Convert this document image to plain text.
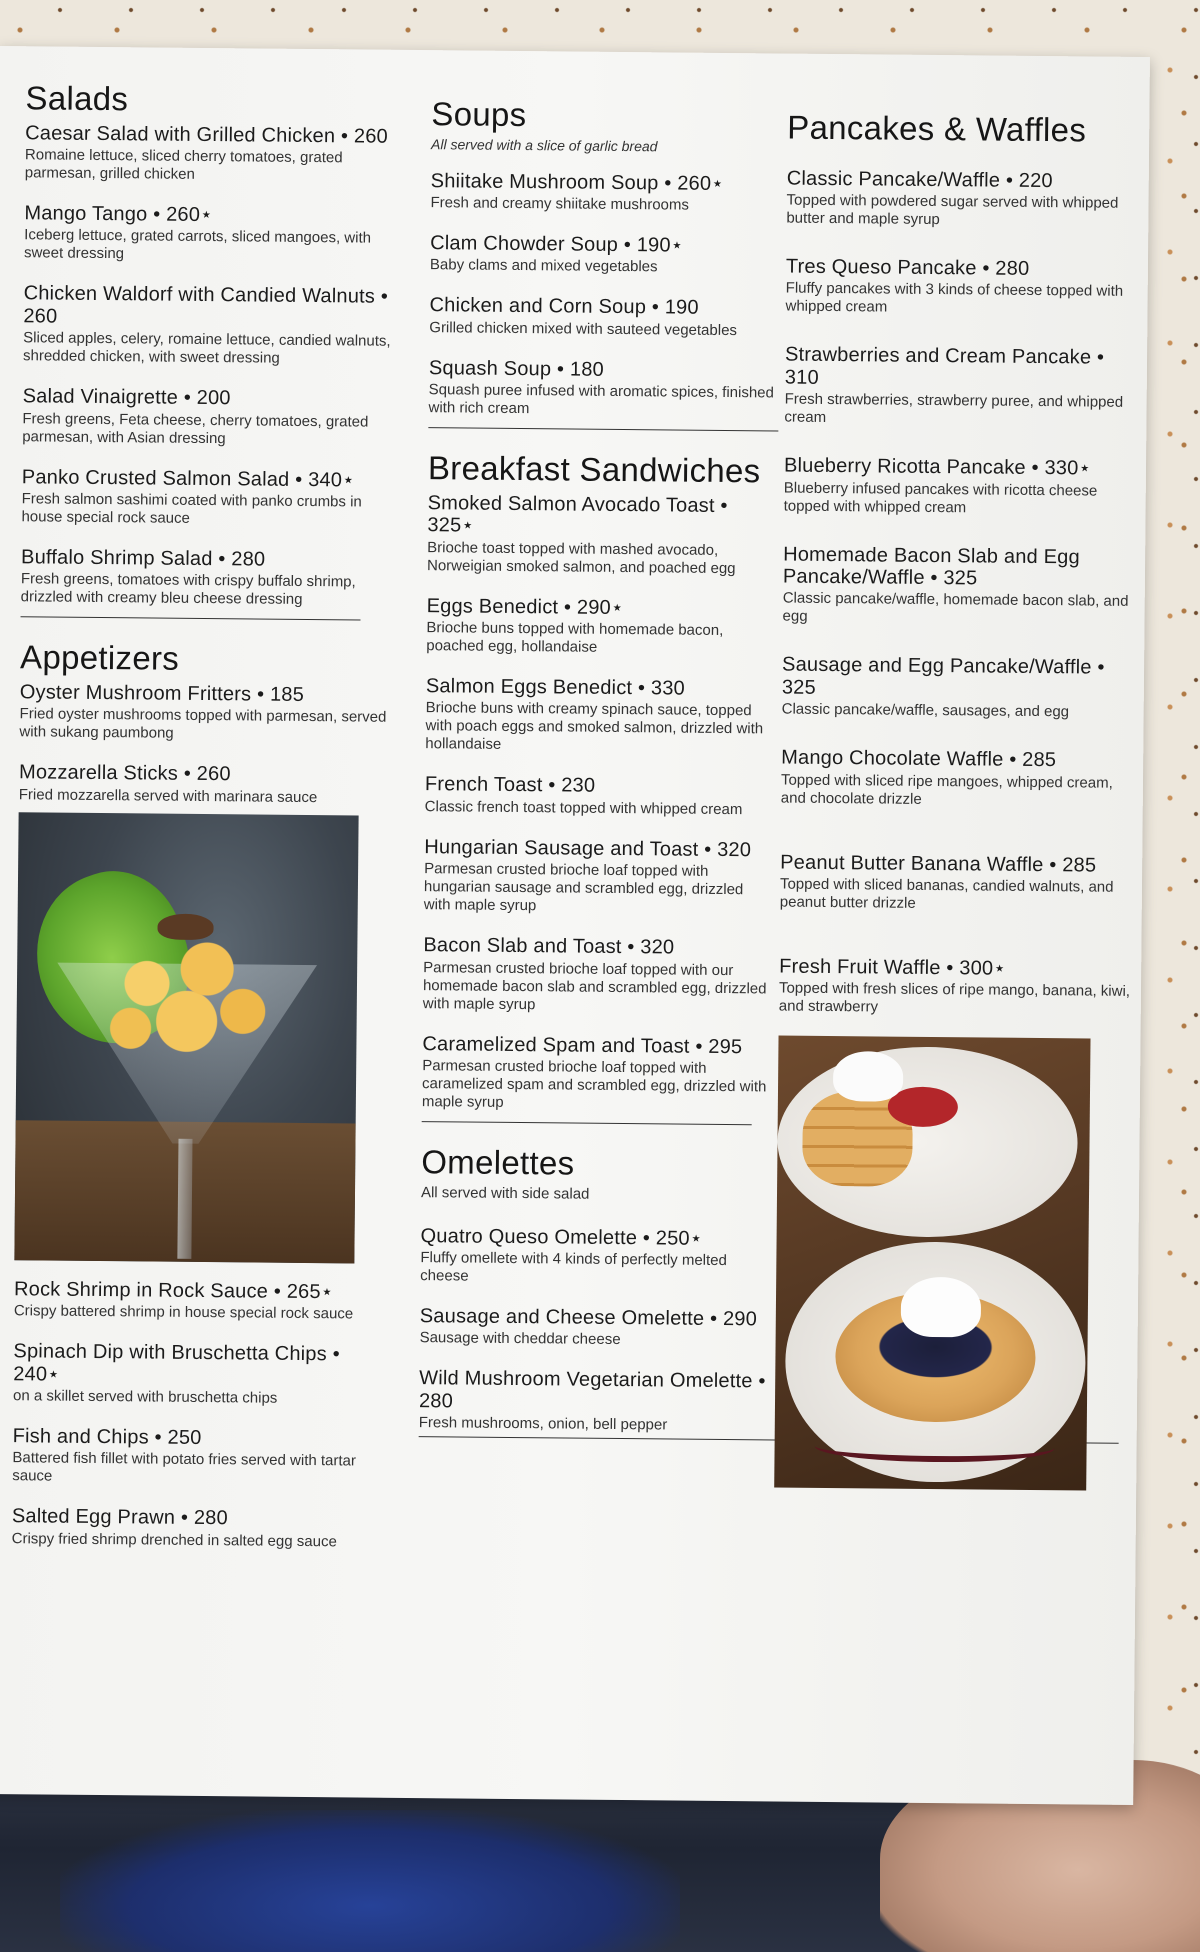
Salads
Caesar Salad with Grilled Chicken • 260
Romaine lettuce, sliced cherry tomatoes, grated parmesan, grilled chicken
Mango Tango • 260⋆
Iceberg lettuce, grated carrots, sliced mangoes, with sweet dressing
Chicken Waldorf with Candied Walnuts • 260
Sliced apples, celery, romaine lettuce, candied walnuts, shredded chicken, with sweet dressing
Salad Vinaigrette • 200
Fresh greens, Feta cheese, cherry tomatoes, grated parmesan, with Asian dressing
Panko Crusted Salmon Salad • 340⋆
Fresh salmon sashimi coated with panko crumbs in house special rock sauce
Buffalo Shrimp Salad • 280
Fresh greens, tomatoes with crispy buffalo shrimp, drizzled with creamy bleu cheese dressing
Appetizers
Oyster Mushroom Fritters • 185
Fried oyster mushrooms topped with parmesan, served with sukang paumbong
Mozzarella Sticks • 260
Fried mozzarella served with marinara sauce
Rock Shrimp in Rock Sauce • 265⋆
Crispy battered shrimp in house special rock sauce
Spinach Dip with Bruschetta Chips • 240⋆
on a skillet served with bruschetta chips
Fish and Chips • 250
Battered fish fillet with potato fries served with tartar sauce
Salted Egg Prawn • 280
Crispy fried shrimp drenched in salted egg sauce
Soups
All served with a slice of garlic bread
Shiitake Mushroom Soup • 260⋆
Fresh and creamy shiitake mushrooms
Clam Chowder Soup • 190⋆
Baby clams and mixed vegetables
Chicken and Corn Soup • 190
Grilled chicken mixed with sauteed vegetables
Squash Soup • 180
Squash puree infused with aromatic spices, finished with rich cream
Breakfast Sandwiches
Smoked Salmon Avocado Toast • 325⋆
Brioche toast topped with mashed avocado, Norweigian smoked salmon, and poached egg
Eggs Benedict • 290⋆
Brioche buns topped with homemade bacon, poached egg, hollandaise
Salmon Eggs Benedict • 330
Brioche buns with creamy spinach sauce, topped with poach eggs and smoked salmon, drizzled with hollandaise
French Toast • 230
Classic french toast topped with whipped cream
Hungarian Sausage and Toast • 320
Parmesan crusted brioche loaf topped with hungarian sausage and scrambled egg, drizzled with maple syrup
Bacon Slab and Toast • 320
Parmesan crusted brioche loaf topped with our homemade bacon slab and scrambled egg, drizzled with maple syrup
Caramelized Spam and Toast • 295
Parmesan crusted brioche loaf topped with caramelized spam and scrambled egg, drizzled with maple syrup
Omelettes
All served with side salad
Quatro Queso Omelette • 250⋆
Fluffy omellete with 4 kinds of perfectly melted cheese
Sausage and Cheese Omelette • 290
Sausage with cheddar cheese
Wild Mushroom Vegetarian Omelette • 280
Fresh mushrooms, onion, bell pepper
Pancakes & Waffles
Classic Pancake/Waffle • 220
Topped with powdered sugar served with whipped butter and maple syrup
Tres Queso Pancake • 280
Fluffy pancakes with 3 kinds of cheese topped with whipped cream
Strawberries and Cream Pancake • 310
Fresh strawberries, strawberry puree, and whipped cream
Blueberry Ricotta Pancake • 330⋆
Blueberry infused pancakes with ricotta cheese topped with whipped cream
Homemade Bacon Slab and Egg Pancake/Waffle • 325
Classic pancake/waffle, homemade bacon slab, and egg
Sausage and Egg Pancake/Waffle • 325
Classic pancake/waffle, sausages, and egg
Mango Chocolate Waffle • 285
Topped with sliced ripe mangoes, whipped cream, and chocolate drizzle
Peanut Butter Banana Waffle • 285
Topped with sliced bananas, candied walnuts, and peanut butter drizzle
Fresh Fruit Waffle • 300⋆
Topped with fresh slices of ripe mango, banana, kiwi, and strawberry
